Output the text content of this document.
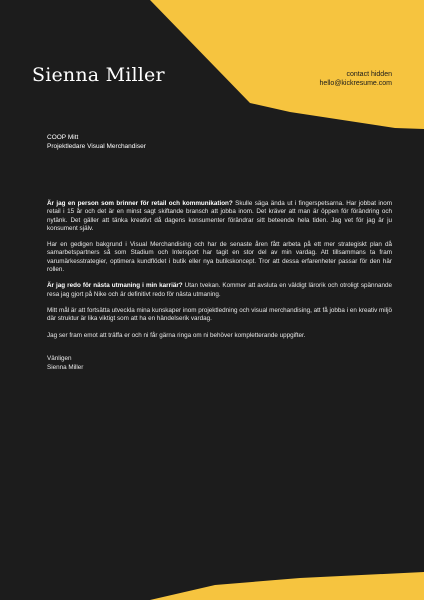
Sienna Miller	contact hidden
hello@kickresume.com
COOP Mitt
Projektledare Visual Merchandiser

Är jag en person som brinner för retail och kommunikation? Skulle säga ända ut i fingerspetsarna. Har jobbat inom retail i 15 år och det är en minst sagt skiftande bransch att jobba inom. Det kräver att man är öppen för förändring och nytänk. Det gäller att tänka kreativt då dagens konsumenter förändrar sitt beteende hela tiden. Jag vet för jag är ju konsument själv.

Har en gedigen bakgrund i Visual Merchandising och har de senaste åren fått arbeta på ett mer strategiskt plan då samarbetspartners så som Stadium och Intersport har tagit en stor del av min vardag. Att tillsammans ta fram varumärkesstrategier, optimera kundflödet i butik eller nya butikskoncept. Tror att dessa erfarenheter passar för den här rollen.

Är jag redo för nästa utmaning i min karriär? Utan tvekan. Kommer att avsluta en väldigt lärorik och otroligt spännande resa jag gjort på Nike och är definitivt redo för nästa utmaning.

Mitt mål är att fortsätta utveckla mina kunskaper inom projektledning och visual merchandising, att få jobba i en kreativ miljö där struktur är lika viktigt som att ha en händelserik vardag.

Jag ser fram emot att träffa er och ni får gärna ringa om ni behöver kompletterande uppgifter.

Vänligen
Sienna Miller
